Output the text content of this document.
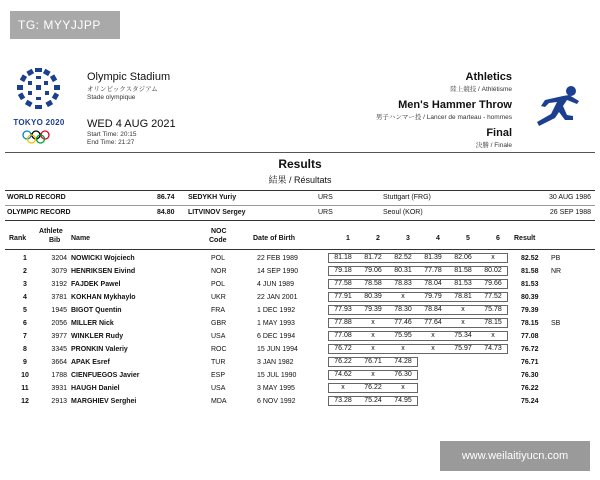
TG: MYYJJPP
TOKYO 2020
Olympic Stadium
オリンピックスタジアム
Stade olympique
WED 4 AUG 2021
Start Time: 20:15
End Time: 21:27
Athletics
陸上競技 / Athlétisme
Men's Hammer Throw
男子ハンマー投 / Lancer de marteau - hommes
Final
決勝 / Finale
Results
結果 / Résultats
WORLD RECORD	86.74 SEDYKH Yuriy	URS	Stuttgart (FRG)	30 AUG 1986
OLYMPIC RECORD	84.80 LITVINOV Sergey	URS	Seoul (KOR)	26 SEP 1988
Rank
Athlete
Bib Name
NOC
Code	Date of Birth	1	2	3	4	5	6 Result
1	3204 NOWICKI Wojciech	POL	22 FEB 1989	81.18	81.72	82.52	81.39	82.06	x	82.52 PB
2	3079 HENRIKSEN Eivind	NOR	14 SEP 1990	79.18	79.06	80.31	77.78	81.58	80.02	81.58 NR
3	3192 FAJDEK Pawel	POL	4 JUN 1989	77.58	78.58	78.83	78.04	81.53	79.66	81.53
4	3781 KOKHAN Mykhaylo	UKR	22 JAN 2001	77.91	80.39	x	79.79	78.81	77.52	80.39
5	1945 BIGOT Quentin	FRA	1 DEC 1992	77.93	79.39	78.30	78.84	x	75.78	79.39
6	2056 MILLER Nick	GBR	1 MAY 1993	77.88	x	77.46	77.64	x	78.15	78.15 SB
7	3977 WINKLER Rudy	USA	6 DEC 1994	77.08	x	75.95	x	75.34	x	77.08
8	3345 PRONKIN Valeriy	ROC	15 JUN 1994	76.72	x	x	x	75.97	74.73	76.72
9	3664 APAK Esref	TUR	3 JAN 1982	76.22	76.71	74.28	76.71
10	1788 CIENFUEGOS Javier	ESP	15 JUL 1990	74.62	x	76.30	76.30
11	3931 HAUGH Daniel	USA	3 MAY 1995	x	76.22	x	76.22
12	2913 MARGHIEV Serghei	MDA	6 NOV 1992	73.28	75.24	74.95	75.24
www.weilaitiyucn.com
